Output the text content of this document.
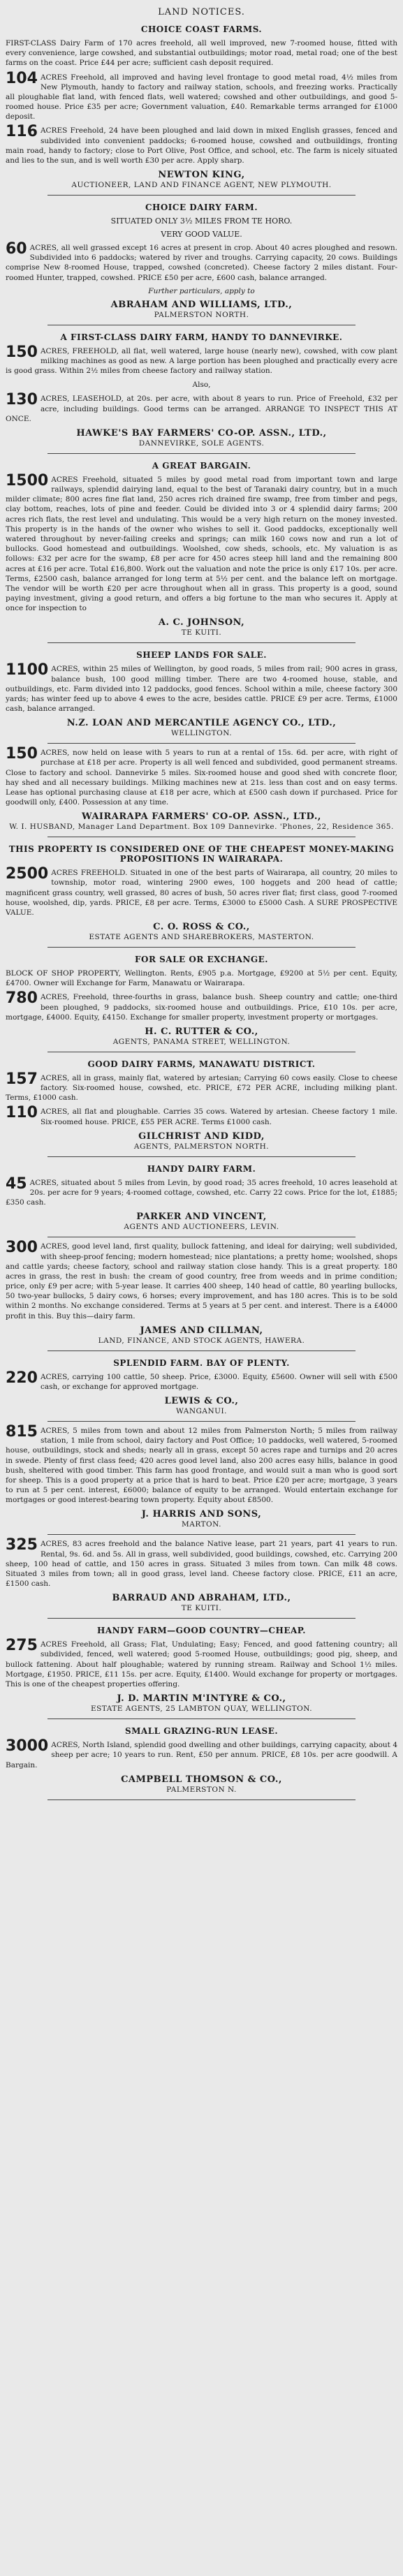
LAND NOTICES.
CHOICE COAST FARMS.
FIRST-CLASS Dairy Farm of 170 acres freehold, all well improved, new 7-roomed house, fitted with every convenience, large cowshed, and substantial outbuildings; motor road, metal road; one of the best farms on the coast. Price £44 per acre; sufficient cash deposit required.
104 ACRES Freehold, all improved and having level frontage to good metal road, 4½ miles from New Plymouth, handy to factory and railway station, schools, and freezing works. Practically all ploughable flat land, with fenced flats, well watered; cowshed and other outbuildings, and good 5-roomed house. Price £35 per acre; Government valuation, £40. Remarkable terms arranged for £1000 deposit.
116 ACRES Freehold, 24 have been ploughed and laid down in mixed English grasses, fenced and subdivided into convenient paddocks; 6-roomed house, cowshed and outbuildings, fronting main road, handy to factory; close to Port Olive, Post Office, and school, etc. The farm is nicely situated and lies to the sun, and is well worth £30 per acre. Apply sharp.
NEWTON KING,
AUCTIONEER, LAND AND FINANCE AGENT, NEW PLYMOUTH.
CHOICE DAIRY FARM.
SITUATED ONLY 3½ MILES FROM TE HORO.
VERY GOOD VALUE.
60 ACRES, all well grassed except 16 acres at present in crop. About 40 acres ploughed and resown. Subdivided into 6 paddocks; watered by river and troughs. Carrying capacity, 20 cows. Buildings comprise New 8-roomed House, trapped, cowshed (concreted). Cheese factory 2 miles distant. Four-roomed Hunter, trapped, cowshed. PRICE £50 per acre, £600 cash, balance arranged.
Further particulars, apply to
ABRAHAM AND WILLIAMS, LTD.,
PALMERSTON NORTH.
A FIRST-CLASS DAIRY FARM, HANDY TO DANNEVIRKE.
150 ACRES, FREEHOLD, all flat, well watered, large house (nearly new), cowshed, with cow plant milking machines as good as new. A large portion has been ploughed and practically every acre is good grass. Within 2½ miles from cheese factory and railway station.
Also,
130 ACRES, LEASEHOLD, at 20s. per acre, with about 8 years to run. Price of Freehold, £32 per acre, including buildings. Good terms can be arranged. ARRANGE TO INSPECT THIS AT ONCE.
HAWKE'S BAY FARMERS' CO-OP. ASSN., LTD.,
DANNEVIRKE, SOLE AGENTS.
A GREAT BARGAIN.
1500 ACRES Freehold, situated 5 miles by good metal road from important town and large railways, splendid dairying land, equal to the best of Taranaki dairy country, but in a much milder climate; 800 acres fine flat land, 250 acres rich drained fire swamp, free from timber and pegs, clay bottom, reaches, lots of pine and feeder. Could be divided into 3 or 4 splendid dairy farms; 200 acres rich flats, the rest level and undulating. This would be a very high return on the money invested. This property is in the hands of the owner who wishes to sell it. Good paddocks, exceptionally well watered throughout by never-failing creeks and springs; can milk 160 cows now and run a lot of bullocks. Good homestead and outbuildings. Woolshed, cow sheds, schools, etc. My valuation is as follows: £32 per acre for the swamp, £8 per acre for 450 acres steep hill land and the remaining 800 acres at £16 per acre. Total £16,800. Work out the valuation and note the price is only £17 10s. per acre. Terms, £2500 cash, balance arranged for long term at 5½ per cent. and the balance left on mortgage. The vendor will be worth £20 per acre throughout when all in grass. This property is a good, sound paying investment, giving a good return, and offers a big fortune to the man who secures it. Apply at once for inspection to
A. C. JOHNSON,
TE KUITI.
SHEEP LANDS FOR SALE.
1100 ACRES, within 25 miles of Wellington, by good roads, 5 miles from rail; 900 acres in grass, balance bush, 100 good milling timber. There are two 4-roomed house, stable, and outbuildings, etc. Farm divided into 12 paddocks, good fences. School within a mile, cheese factory 300 yards; has winter feed up to above 4 ewes to the acre, besides cattle. PRICE £9 per acre. Terms, £1000 cash, balance arranged.
N.Z. LOAN AND MERCANTILE AGENCY CO., LTD.,
WELLINGTON.
150 ACRES, now held on lease with 5 years to run at a rental of 15s. 6d. per acre, with right of purchase at £18 per acre. Property is all well fenced and subdivided, good permanent streams. Close to factory and school. Dannevirke 5 miles. Six-roomed house and good shed with concrete floor, hay shed and all necessary buildings. Milking machines new at 21s. less than cost and on easy terms. Lease has optional purchasing clause at £18 per acre, which at £500 cash down if purchased. Price for goodwill only, £400. Possession at any time.
WAIRARAPA FARMERS' CO-OP. ASSN., LTD.,
W. I. HUSBAND, Manager Land Department. Box 109 Dannevirke. 'Phones, 22, Residence 365.
THIS PROPERTY IS CONSIDERED ONE OF THE CHEAPEST MONEY-MAKING PROPOSITIONS IN WAIRARAPA.
2500 ACRES FREEHOLD. Situated in one of the best parts of Wairarapa, all country, 20 miles to township, motor road, wintering 2900 ewes, 100 hoggets and 200 head of cattle; magnificent grass country, well grassed, 80 acres of bush, 50 acres river flat; first class, good 7-roomed house, woolshed, dip, yards. PRICE, £8 per acre. Terms, £3000 to £5000 Cash. A SURE PROSPECTIVE VALUE.
C. O. ROSS & CO.,
ESTATE AGENTS AND SHAREBROKERS, MASTERTON.
FOR SALE OR EXCHANGE.
BLOCK OF SHOP PROPERTY, Wellington. Rents, £905 p.a. Mortgage, £9200 at 5½ per cent. Equity, £4700. Owner will Exchange for Farm, Manawatu or Wairarapa.
780 ACRES, Freehold, three-fourths in grass, balance bush. Sheep country and cattle; one-third been ploughed, 9 paddocks, six-roomed house and outbuildings. Price, £10 10s. per acre, mortgage, £4000. Equity, £4150. Exchange for smaller property, investment property or mortgages.
H. C. RUTTER & CO.,
AGENTS, PANAMA STREET, WELLINGTON.
GOOD DAIRY FARMS, MANAWATU DISTRICT.
157 ACRES, all in grass, mainly flat, watered by artesian; Carrying 60 cows easily. Close to cheese factory. Six-roomed house, cowshed, etc. PRICE, £72 PER ACRE, including milking plant. Terms, £1000 cash.
110 ACRES, all flat and ploughable. Carries 35 cows. Watered by artesian. Cheese factory 1 mile. Six-roomed house. PRICE, £55 PER ACRE. Terms £1000 cash.
GILCHRIST AND KIDD,
AGENTS, PALMERSTON NORTH.
HANDY DAIRY FARM.
45 ACRES, situated about 5 miles from Levin, by good road; 35 acres freehold, 10 acres leasehold at 20s. per acre for 9 years; 4-roomed cottage, cowshed, etc. Carry 22 cows. Price for the lot, £1885; £350 cash.
PARKER AND VINCENT,
AGENTS AND AUCTIONEERS, LEVIN.
300 ACRES, good level land, first quality, bullock fattening, and ideal for dairying; well subdivided, with sheep-proof fencing; modern homestead; nice plantations; a pretty home; woolshed, shops and cattle yards; cheese factory, school and railway station close handy. This is a great property. 180 acres in grass, the rest in bush: the cream of good country, free from weeds and in prime condition; price, only £9 per acre; with 5-year lease. It carries 400 sheep, 140 head of cattle, 80 yearling bullocks, 50 two-year bullocks, 5 dairy cows, 6 horses; every improvement, and has 180 acres. This is to be sold within 2 months. No exchange considered. Terms at 5 years at 5 per cent. and interest. There is a £4000 profit in this. Buy this—dairy farm.
JAMES AND CILLMAN,
LAND, FINANCE, AND STOCK AGENTS, HAWERA.
SPLENDID FARM. BAY OF PLENTY.
220 ACRES, carrying 100 cattle, 50 sheep. Price, £3000. Equity, £5600. Owner will sell with £500 cash, or exchange for approved mortgage.
LEWIS & CO.,
WANGANUI.
815 ACRES, 5 miles from town and about 12 miles from Palmerston North; 5 miles from railway station, 1 mile from school, dairy factory and Post Office; 10 paddocks, well watered, 5-roomed house, outbuildings, stock and sheds; nearly all in grass, except 50 acres rape and turnips and 20 acres in swede. Plenty of first class feed; 420 acres good level land, also 200 acres easy hills, balance in good bush, sheltered with good timber. This farm has good frontage, and would suit a man who is good sort for sheep. This is a good property at a price that is hard to beat. Price £20 per acre; mortgage, 3 years to run at 5 per cent. interest, £6000; balance of equity to be arranged. Would entertain exchange for mortgages or good interest-bearing town property. Equity about £8500.
J. HARRIS AND SONS,
MARTON.
325 ACRES, 83 acres freehold and the balance Native lease, part 21 years, part 41 years to run. Rental, 9s. 6d. and 5s. All in grass, well subdivided, good buildings, cowshed, etc. Carrying 200 sheep, 100 head of cattle, and 150 acres in grass. Situated 3 miles from town. Can milk 48 cows. Situated 3 miles from town; all in good grass, level land. Cheese factory close. PRICE, £11 an acre, £1500 cash.
BARRAUD AND ABRAHAM, LTD.,
TE KUITI.
HANDY FARM—GOOD COUNTRY—CHEAP.
275 ACRES Freehold, all Grass; Flat, Undulating; Easy; Fenced, and good fattening country; all subdivided, fenced, well watered; good 5-roomed House, outbuildings; good pig, sheep, and bullock fattening. About half ploughable; watered by running stream. Railway and School 1½ miles. Mortgage, £1950. PRICE, £11 15s. per acre. Equity, £1400. Would exchange for property or mortgages. This is one of the cheapest properties offering.
J. D. MARTIN M'INTYRE & CO.,
ESTATE AGENTS, 25 LAMBTON QUAY, WELLINGTON.
SMALL GRAZING-RUN LEASE.
3000 ACRES, North Island, splendid good dwelling and other buildings, carrying capacity, about 4 sheep per acre; 10 years to run. Rent, £50 per annum. PRICE, £8 10s. per acre goodwill. A Bargain.
CAMPBELL THOMSON & CO.,
PALMERSTON N.
